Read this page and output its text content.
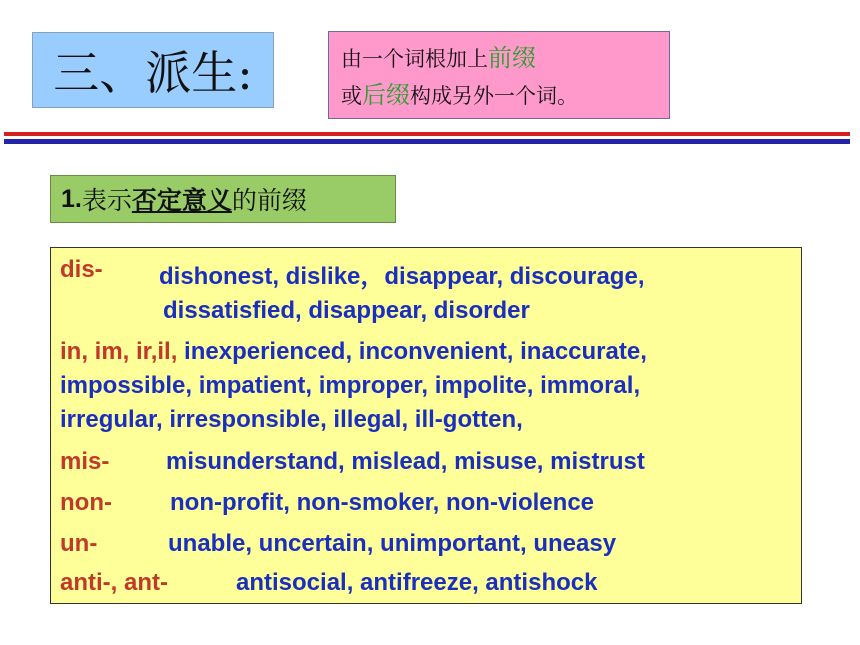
三、派生:	由一个词根加上前缀
或后缀构成另外一个词。
1. 表示 否定意义 的前缀
dis- dishonest, dislike，disappear, discourage,
dissatisfied, disappear, disorder
in, im, ir,il, inexperienced, inconvenient, inaccurate,
impossible, impatient, improper, impolite, immoral,
irregular, irresponsible, illegal, ill-gotten,
mis- misunderstand, mislead, misuse, mistrust
non- non-profit, non-smoker, non-violence
un-	unable, uncertain, unimportant, uneasy
anti-, ant-	antisocial, antifreeze, antishock
